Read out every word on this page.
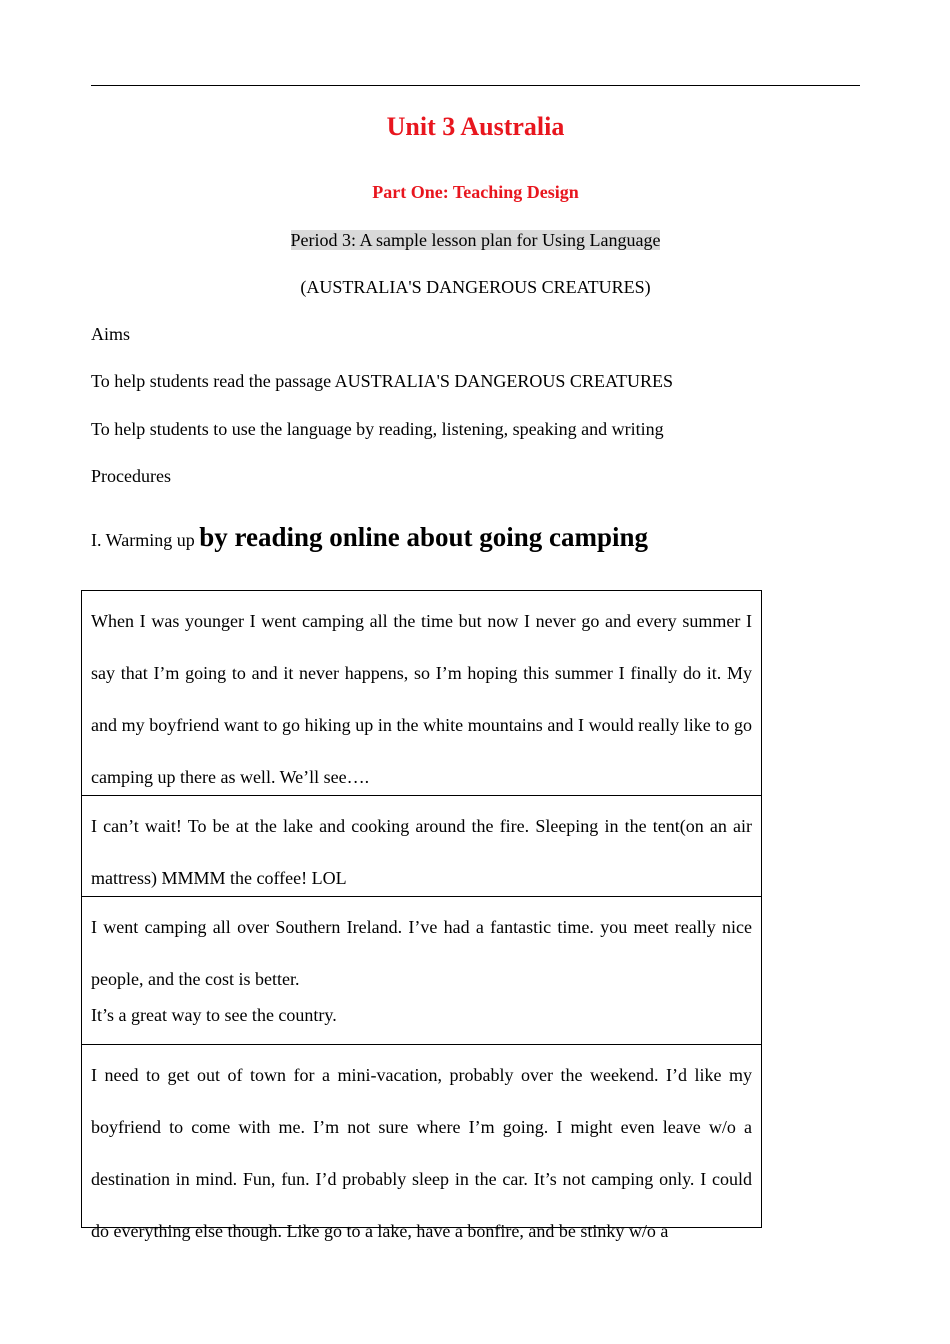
Unit 3 Australia
Part One: Teaching Design
Period 3: A sample lesson plan for Using Language
(AUSTRALIA'S DANGEROUS CREATURES)
Aims
To help students read the passage AUSTRALIA'S DANGEROUS CREATURES
To help students to use the language by reading, listening, speaking and writing
Procedures
I. Warming up by reading online about going camping

When I was younger I went camping all the time but now I never go and every summer I say that I’m going to and it never happens, so I’m hoping this summer I finally do it. My and my boyfriend want to go hiking up in the white mountains and I would really like to go camping up there as well. We’ll see….

I can’t wait! To be at the lake and cooking around the fire. Sleeping in the tent(on an air mattress) MMMM the coffee! LOL

I went camping all over Southern Ireland. I’ve had a fantastic time. you meet really nice people, and the cost is better.

It’s a great way to see the country.

I need to get out of town for a mini-vacation, probably over the weekend. I’d like my boyfriend to come with me. I’m not sure where I’m going. I might even leave w/o a destination in mind. Fun, fun. I’d probably sleep in the car. It’s not camping only. I could do everything else though. Like go to a lake, have a bonfire, and be stinky w/o a
